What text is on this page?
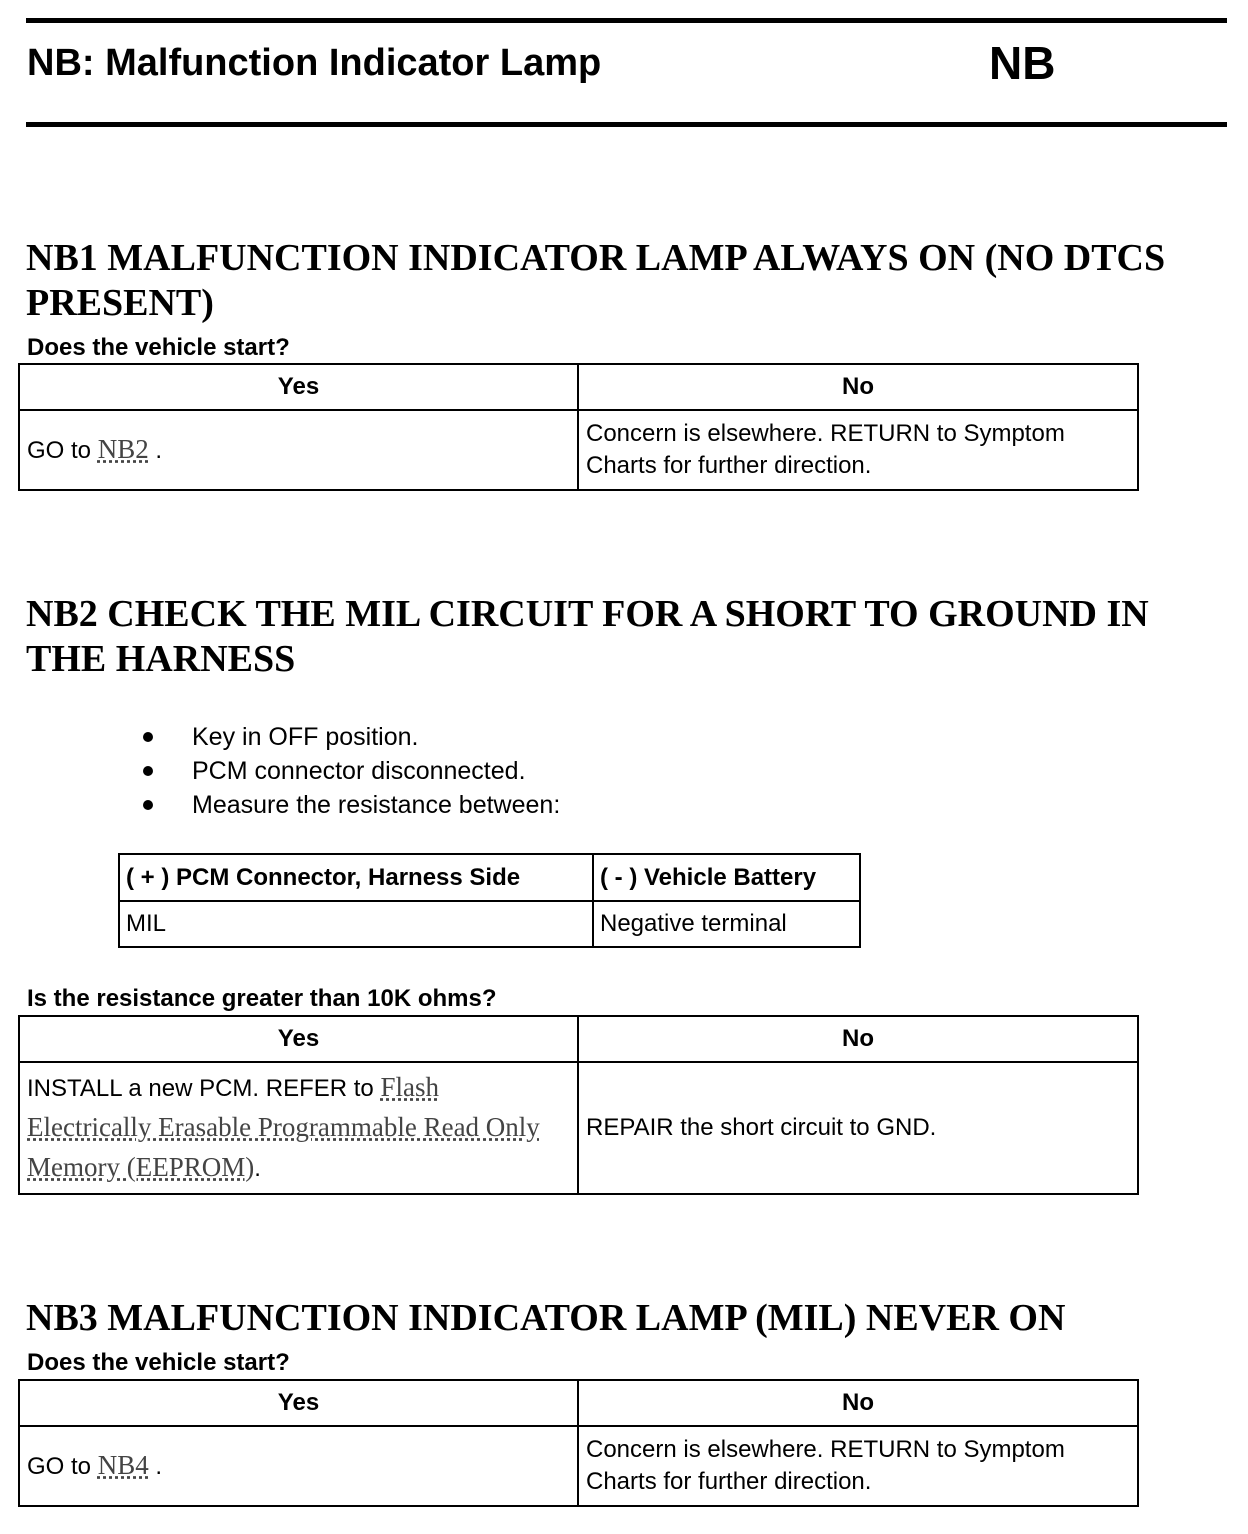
NB: Malfunction Indicator Lamp	NB
NB1 MALFUNCTION INDICATOR LAMP ALWAYS ON (NO DTCS PRESENT)
Does the vehicle start?
Yes	No
GO to NB2 .	Concern is elsewhere. RETURN to Symptom Charts for further direction.
NB2 CHECK THE MIL CIRCUIT FOR A SHORT TO GROUND IN THE HARNESS
Key in OFF position.
PCM connector disconnected.
Measure the resistance between:
( + ) PCM Connector, Harness Side	( - ) Vehicle Battery
MIL	Negative terminal
Is the resistance greater than 10K ohms?
Yes	No
INSTALL a new PCM. REFER to Flash Electrically Erasable Programmable Read Only Memory (EEPROM).	REPAIR the short circuit to GND.
NB3 MALFUNCTION INDICATOR LAMP (MIL) NEVER ON
Does the vehicle start?
Yes	No
GO to NB4 .	Concern is elsewhere. RETURN to Symptom Charts for further direction.
